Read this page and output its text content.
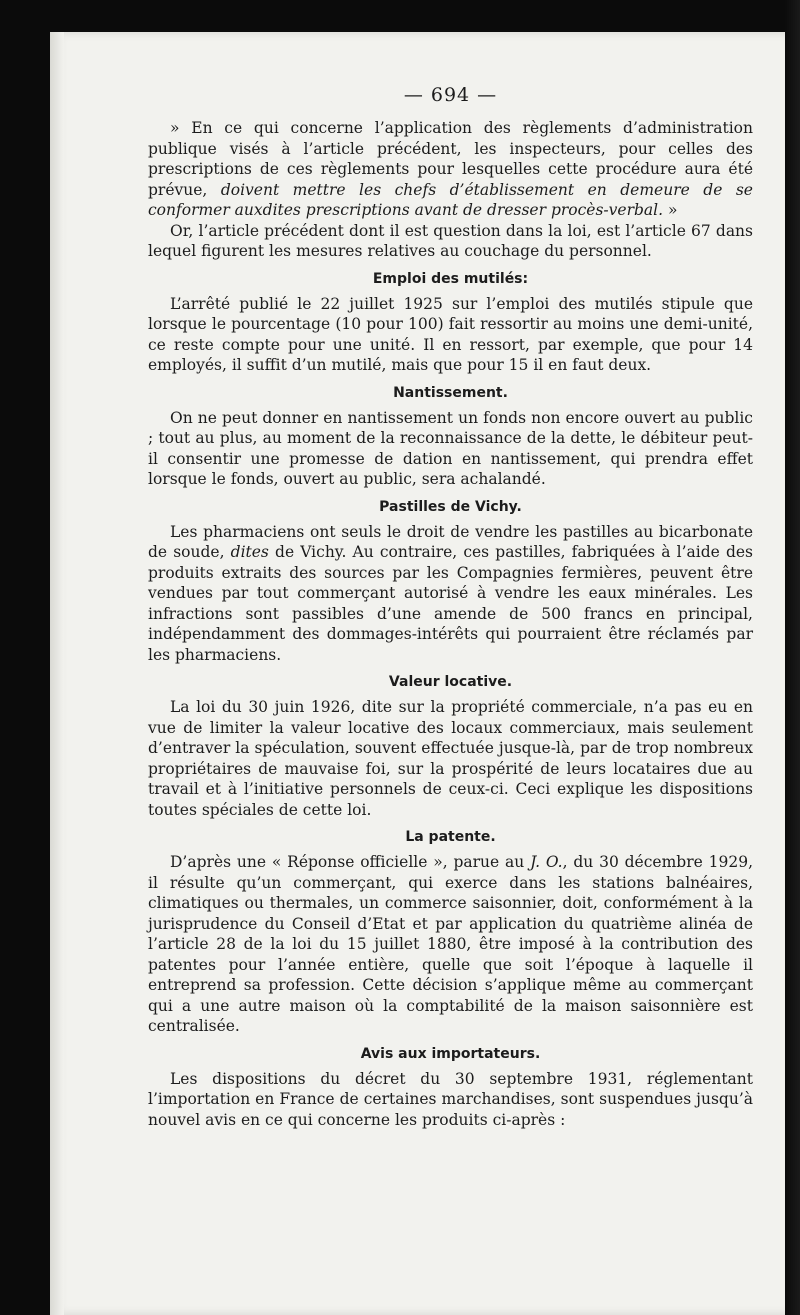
— 694 —

» En ce qui concerne l’application des règlements d’administration publique visés à l’article précédent, les inspecteurs, pour celles des prescriptions de ces règlements pour lesquelles cette procédure aura été prévue, doivent mettre les chefs d’établissement en demeure de se conformer auxdites prescriptions avant de dresser procès-verbal. »

Or, l’article précédent dont il est question dans la loi, est l’article 67 dans lequel figurent les mesures relatives au couchage du personnel.

Emploi des mutilés:

L’arrêté publié le 22 juillet 1925 sur l’emploi des mutilés stipule que lorsque le pourcentage (10 pour 100) fait ressortir au moins une demi-unité, ce reste compte pour une unité. Il en ressort, par exemple, que pour 14 employés, il suffit d’un mutilé, mais que pour 15 il en faut deux.

Nantissement.

On ne peut donner en nantissement un fonds non encore ouvert au public ; tout au plus, au moment de la reconnaissance de la dette, le débiteur peut-il consentir une promesse de dation en nantissement, qui prendra effet lorsque le fonds, ouvert au public, sera achalandé.

Pastilles de Vichy.

Les pharmaciens ont seuls le droit de vendre les pastilles au bicarbonate de soude, dites de Vichy. Au contraire, ces pastilles, fabriquées à l’aide des produits extraits des sources par les Compagnies fermières, peuvent être vendues par tout commerçant autorisé à vendre les eaux minérales. Les infractions sont passibles d’une amende de 500 francs en principal, indépendamment des dommages-intérêts qui pourraient être réclamés par les pharmaciens.

Valeur locative.

La loi du 30 juin 1926, dite sur la propriété commerciale, n’a pas eu en vue de limiter la valeur locative des locaux commerciaux, mais seulement d’entraver la spéculation, souvent effectuée jusque-là, par de trop nombreux propriétaires de mauvaise foi, sur la prospérité de leurs locataires due au travail et à l’initiative personnels de ceux-ci. Ceci explique les dispositions toutes spéciales de cette loi.

La patente.

D’après une « Réponse officielle », parue au J. O., du 30 décembre 1929, il résulte qu’un commerçant, qui exerce dans les stations balnéaires, climatiques ou thermales, un commerce saisonnier, doit, conformément à la jurisprudence du Conseil d’Etat et par application du quatrième alinéa de l’article 28 de la loi du 15 juillet 1880, être imposé à la contribution des patentes pour l’année entière, quelle que soit l’époque à laquelle il entreprend sa profession. Cette décision s’applique même au commerçant qui a une autre maison où la comptabilité de la maison saisonnière est centralisée.

Avis aux importateurs.

Les dispositions du décret du 30 septembre 1931, réglementant l’importation en France de certaines marchandises, sont suspendues jusqu’à nouvel avis en ce qui concerne les produits ci-après :
